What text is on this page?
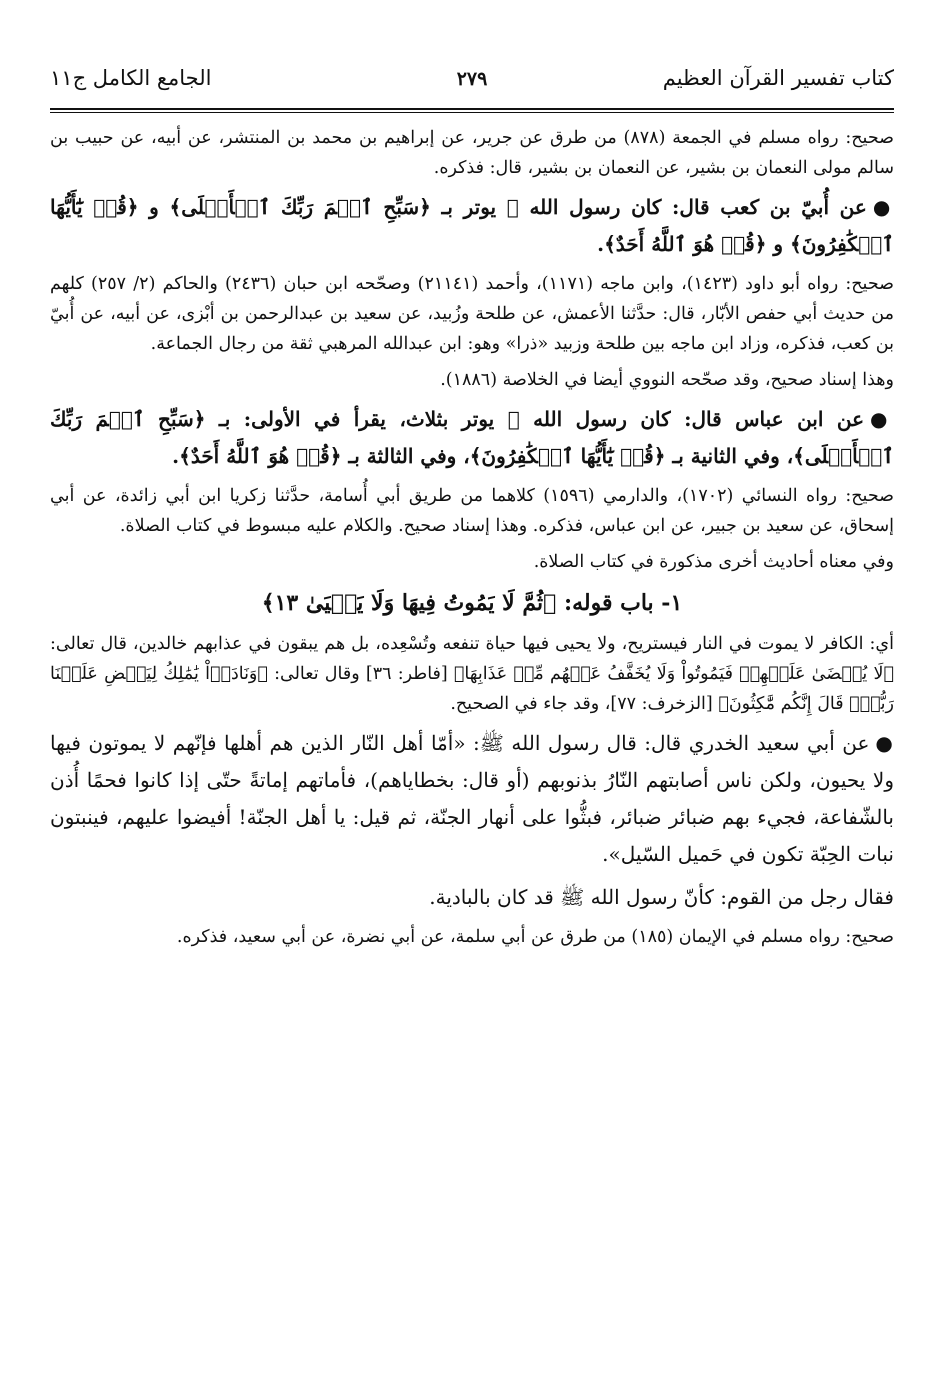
كتاب تفسير القرآن العظيم
٢٧٩
الجامع الكامل ج١١

صحيح: رواه مسلم في الجمعة (٨٧٨) من طرق عن جرير، عن إبراهيم بن محمد بن المنتشر، عن أبيه، عن حبيب بن سالم مولى النعمان بن بشير، عن النعمان بن بشير، قال: فذكره.

●عن أُبيّ بن كعب قال: كان رسول الله ﷺ يوتر بـ ﴿سَبِّحِ ٱسۡمَ رَبِّكَ ٱلۡأَعۡلَى﴾ و ﴿قُلۡ يَٰٓأَيُّهَا ٱلۡكَٰفِرُونَ﴾ و ﴿قُلۡ هُوَ ٱللَّهُ أَحَدٌ﴾.

صحيح: رواه أبو داود (١٤٢٣)، وابن ماجه (١١٧١)، وأحمد (٢١١٤١) وصحّحه ابن حبان (٢٤٣٦) والحاكم (٢/ ٢٥٧) كلهم من حديث أبي حفص الأبّار، قال: حدَّثنا الأعمش، عن طلحة وزُبيد، عن سعيد بن عبدالرحمن بن أبْزى، عن أبيه، عن أُبيّ بن كعب، فذكره، وزاد ابن ماجه بين طلحة وزبيد «ذرا» وهو: ابن عبدالله المرهبي ثقة من رجال الجماعة.

وهذا إسناد صحيح، وقد صحّحه النووي أيضا في الخلاصة (١٨٨٦).

●عن ابن عباس قال: كان رسول الله ﷺ يوتر بثلاث، يقرأ في الأولى: بـ ﴿سَبِّحِ ٱسۡمَ رَبِّكَ ٱلۡأَعۡلَى﴾، وفي الثانية بـ ﴿قُلۡ يَٰٓأَيُّهَا ٱلۡكَٰفِرُونَ﴾، وفي الثالثة بـ ﴿قُلۡ هُوَ ٱللَّهُ أَحَدٌ﴾.

صحيح: رواه النسائي (١٧٠٢)، والدارمي (١٥٩٦) كلاهما من طريق أبي أُسامة، حدَّثنا زكريا ابن أبي زائدة، عن أبي إسحاق، عن سعيد بن جبير، عن ابن عباس، فذكره. وهذا إسناد صحيح. والكلام عليه مبسوط في كتاب الصلاة.

وفي معناه أحاديث أخرى مذكورة في كتاب الصلاة.

١- باب قوله: ﴿ثُمَّ لَا يَمُوتُ فِيهَا وَلَا يَحۡيَىٰ ١٣﴾

أي: الكافر لا يموت في النار فيستريح، ولا يحيى فيها حياة تنفعه وتُسْعِده، بل هم يبقون في عذابهم خالدين، قال تعالى: ﴿لَا يُقۡضَىٰ عَلَيۡهِمۡ فَيَمُوتُواْ وَلَا يُخَفَّفُ عَنۡهُم مِّنۡ عَذَابِهَا﴾ [فاطر: ٣٦] وقال تعالى: ﴿وَنَادَوۡاْ يَٰمَٰلِكُ لِيَقۡضِ عَلَيۡنَا رَبُّكَۖ قَالَ إِنَّكُم مَّٰكِثُونَ﴾ [الزخرف: ٧٧]، وقد جاء في الصحيح.

●عن أبي سعيد الخدري قال: قال رسول الله ﷺ: «أمّا أهل النّار الذين هم أهلها فإنّهم لا يموتون فيها ولا يحيون، ولكن ناس أصابتهم النّارُ بذنوبهم (أو قال: بخطاياهم)، فأماتهم إماتةً حتّى إذا كانوا فحمًا أُذن بالشّفاعة، فجيء بهم ضبائر ضبائر، فبثُّوا على أنهار الجنّة، ثم قيل: يا أهل الجنّة! أفيضوا عليهم، فينبتون نبات الحِبّة تكون في حَميل السّيل».

فقال رجل من القوم: كأنّ رسول الله ﷺ قد كان بالبادية.

صحيح: رواه مسلم في الإيمان (١٨٥) من طرق عن أبي سلمة، عن أبي نضرة، عن أبي سعيد، فذكره.
